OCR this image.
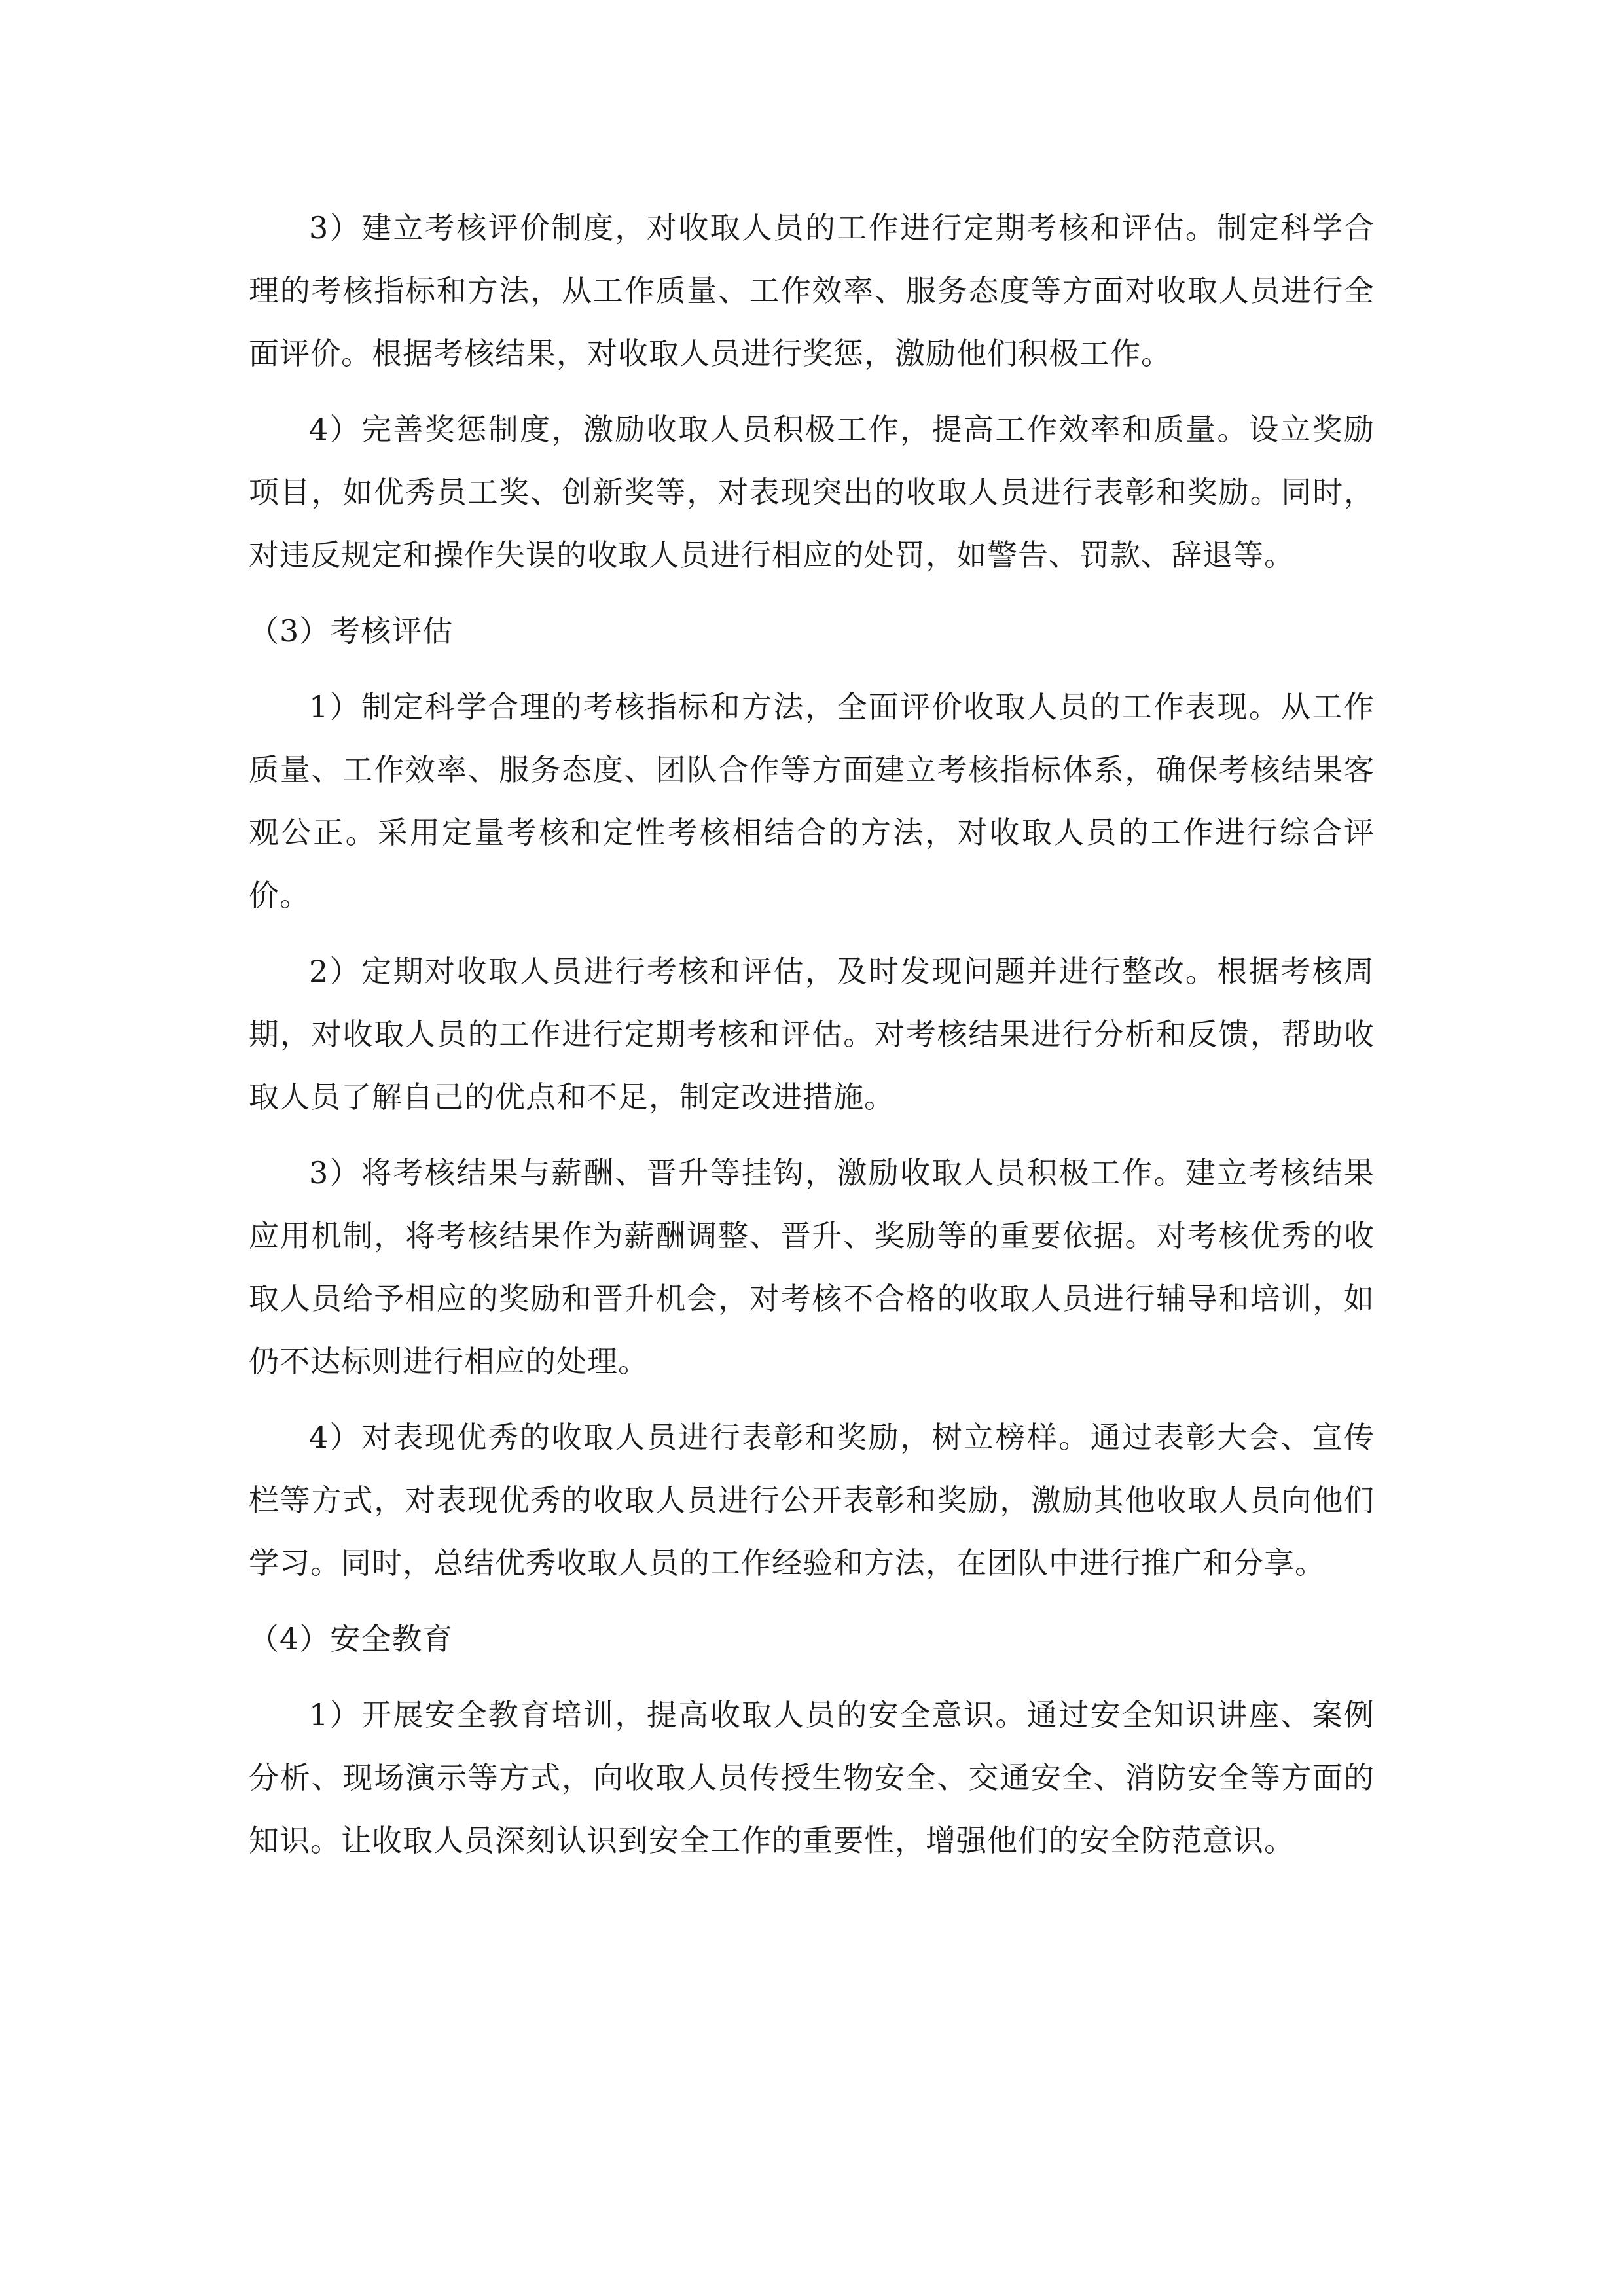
3）建立考核评价制度，对收取人员的工作进行定期考核和评估。制定科学合理的考核指标和方法，从工作质量、工作效率、服务态度等方面对收取人员进行全面评价。根据考核结果，对收取人员进行奖惩，激励他们积极工作。

4）完善奖惩制度，激励收取人员积极工作，提高工作效率和质量。设立奖励项目，如优秀员工奖、创新奖等，对表现突出的收取人员进行表彰和奖励。同时，对违反规定和操作失误的收取人员进行相应的处罚，如警告、罚款、辞退等。

（3）考核评估

1）制定科学合理的考核指标和方法，全面评价收取人员的工作表现。从工作质量、工作效率、服务态度、团队合作等方面建立考核指标体系，确保考核结果客观公正。采用定量考核和定性考核相结合的方法，对收取人员的工作进行综合评价。

2）定期对收取人员进行考核和评估，及时发现问题并进行整改。根据考核周期，对收取人员的工作进行定期考核和评估。对考核结果进行分析和反馈，帮助收取人员了解自己的优点和不足，制定改进措施。

3）将考核结果与薪酬、晋升等挂钩，激励收取人员积极工作。建立考核结果应用机制，将考核结果作为薪酬调整、晋升、奖励等的重要依据。对考核优秀的收取人员给予相应的奖励和晋升机会，对考核不合格的收取人员进行辅导和培训，如仍不达标则进行相应的处理。

4）对表现优秀的收取人员进行表彰和奖励，树立榜样。通过表彰大会、宣传栏等方式，对表现优秀的收取人员进行公开表彰和奖励，激励其他收取人员向他们学习。同时，总结优秀收取人员的工作经验和方法，在团队中进行推广和分享。

（4）安全教育

1）开展安全教育培训，提高收取人员的安全意识。通过安全知识讲座、案例分析、现场演示等方式，向收取人员传授生物安全、交通安全、消防安全等方面的知识。让收取人员深刻认识到安全工作的重要性，增强他们的安全防范意识。
